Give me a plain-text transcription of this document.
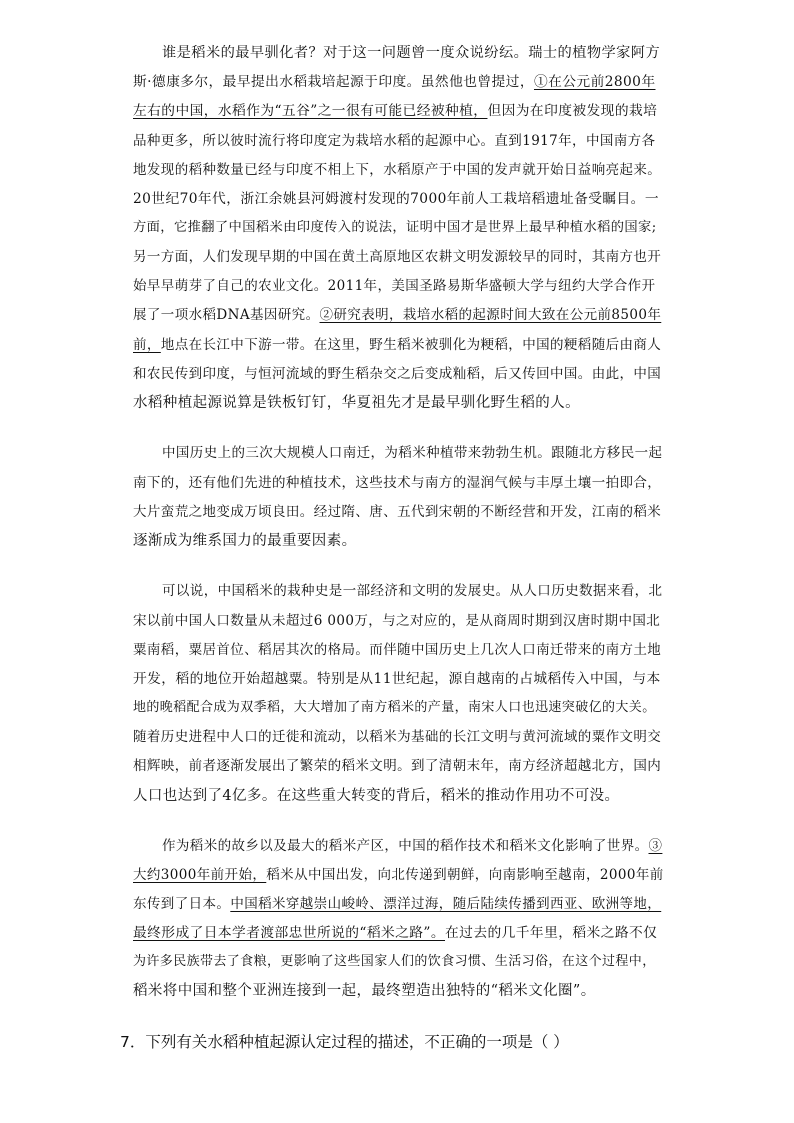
谁是稻米的最早驯化者？对于这一问题曾一度众说纷纭。瑞士的植物学家阿方
斯·德康多尔，最早提出水稻栽培起源于印度。虽然他也曾提过，①在公元前2800年
左右的中国，水稻作为“五谷”之一很有可能已经被种植，但因为在印度被发现的栽培
品种更多，所以彼时流行将印度定为栽培水稻的起源中心。直到1917年，中国南方各
地发现的稻种数量已经与印度不相上下，水稻原产于中国的发声就开始日益响亮起来。
20世纪70年代，浙江余姚县河姆渡村发现的7000年前人工栽培稻遗址备受瞩目。一
方面，它推翻了中国稻米由印度传入的说法，证明中国才是世界上最早种植水稻的国家;
另一方面，人们发现早期的中国在黄土高原地区农耕文明发源较早的同时，其南方也开
始早早萌芽了自己的农业文化。2011年，美国圣路易斯华盛顿大学与纽约大学合作开
展了一项水稻DNA基因研究。②研究表明，栽培水稻的起源时间大致在公元前8500年
前，地点在长江中下游一带。在这里，野生稻米被驯化为粳稻，中国的粳稻随后由商人
和农民传到印度，与恒河流域的野生稻杂交之后变成籼稻，后又传回中国。由此，中国
水稻种植起源说算是铁板钉钉，华夏祖先才是最早驯化野生稻的人。
中国历史上的三次大规模人口南迁，为稻米种植带来勃勃生机。跟随北方移民一起
南下的，还有他们先进的种植技术，这些技术与南方的湿润气候与丰厚土壤一拍即合，
大片蛮荒之地变成万顷良田。经过隋、唐、五代到宋朝的不断经营和开发，江南的稻米
逐渐成为维系国力的最重要因素。
可以说，中国稻米的栽种史是一部经济和文明的发展史。从人口历史数据来看，北
宋以前中国人口数量从未超过6 000万，与之对应的，是从商周时期到汉唐时期中国北
粟南稻，粟居首位、稻居其次的格局。而伴随中国历史上几次人口南迁带来的南方土地
开发，稻的地位开始超越粟。特别是从11世纪起，源自越南的占城稻传入中国，与本
地的晚稻配合成为双季稻，大大增加了南方稻米的产量，南宋人口也迅速突破亿的大关。
随着历史进程中人口的迁徙和流动，以稻米为基础的长江文明与黄河流域的粟作文明交
相辉映，前者逐渐发展出了繁荣的稻米文明。到了清朝末年，南方经济超越北方，国内
人口也达到了4亿多。在这些重大转变的背后，稻米的推动作用功不可没。
作为稻米的故乡以及最大的稻米产区，中国的稻作技术和稻米文化影响了世界。③
大约3000年前开始，稻米从中国出发，向北传递到朝鲜，向南影响至越南，2000年前
东传到了日本。中国稻米穿越崇山峻岭、漂洋过海，随后陆续传播到西亚、欧洲等地，
最终形成了日本学者渡部忠世所说的“稻米之路”。在过去的几千年里，稻米之路不仅
为许多民族带去了食粮，更影响了这些国家人们的饮食习惯、生活习俗，在这个过程中，
稻米将中国和整个亚洲连接到一起，最终塑造出独特的“稻米文化圈”。
7．下列有关水稻种植起源认定过程的描述，不正确的一项是（ ）
